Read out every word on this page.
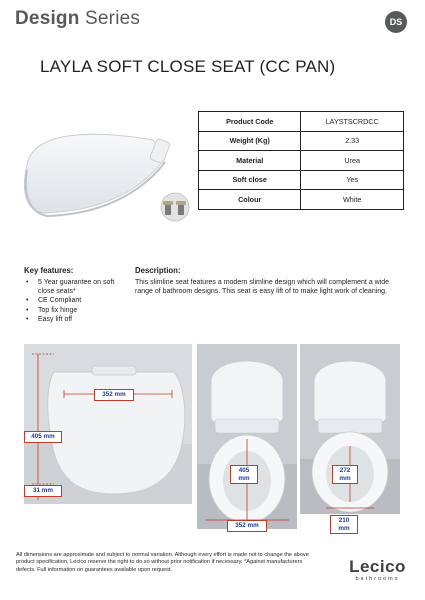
Design Series	DS
LAYLA SOFT CLOSE SEAT (CC PAN)
Product Code	LAYSTSCRDCC
Weight (Kg)	2.33
Material	Urea
Soft close	Yes
Colour	White
Key features:
• 5 Year guarantee on soft close seats*
• CE Compliant
• Top fix hinge
• Easy lift off
Description:
This slimline seat features a modern slimline design which will complement a wide range of bathroom designs. This seat is easy lift of to make light work of cleaning.
352 mm
405 mm
31 mm
405 mm
352 mm
272 mm
210 mm
All dimensions are approximate and subject to normal variation. Although every effort is made not to change the above product specification, Lecico reserve the right to do so without prior notification if necessary. *Against manufacturers defects. Full information on guarantees available upon request.	Lecico
bathrooms
